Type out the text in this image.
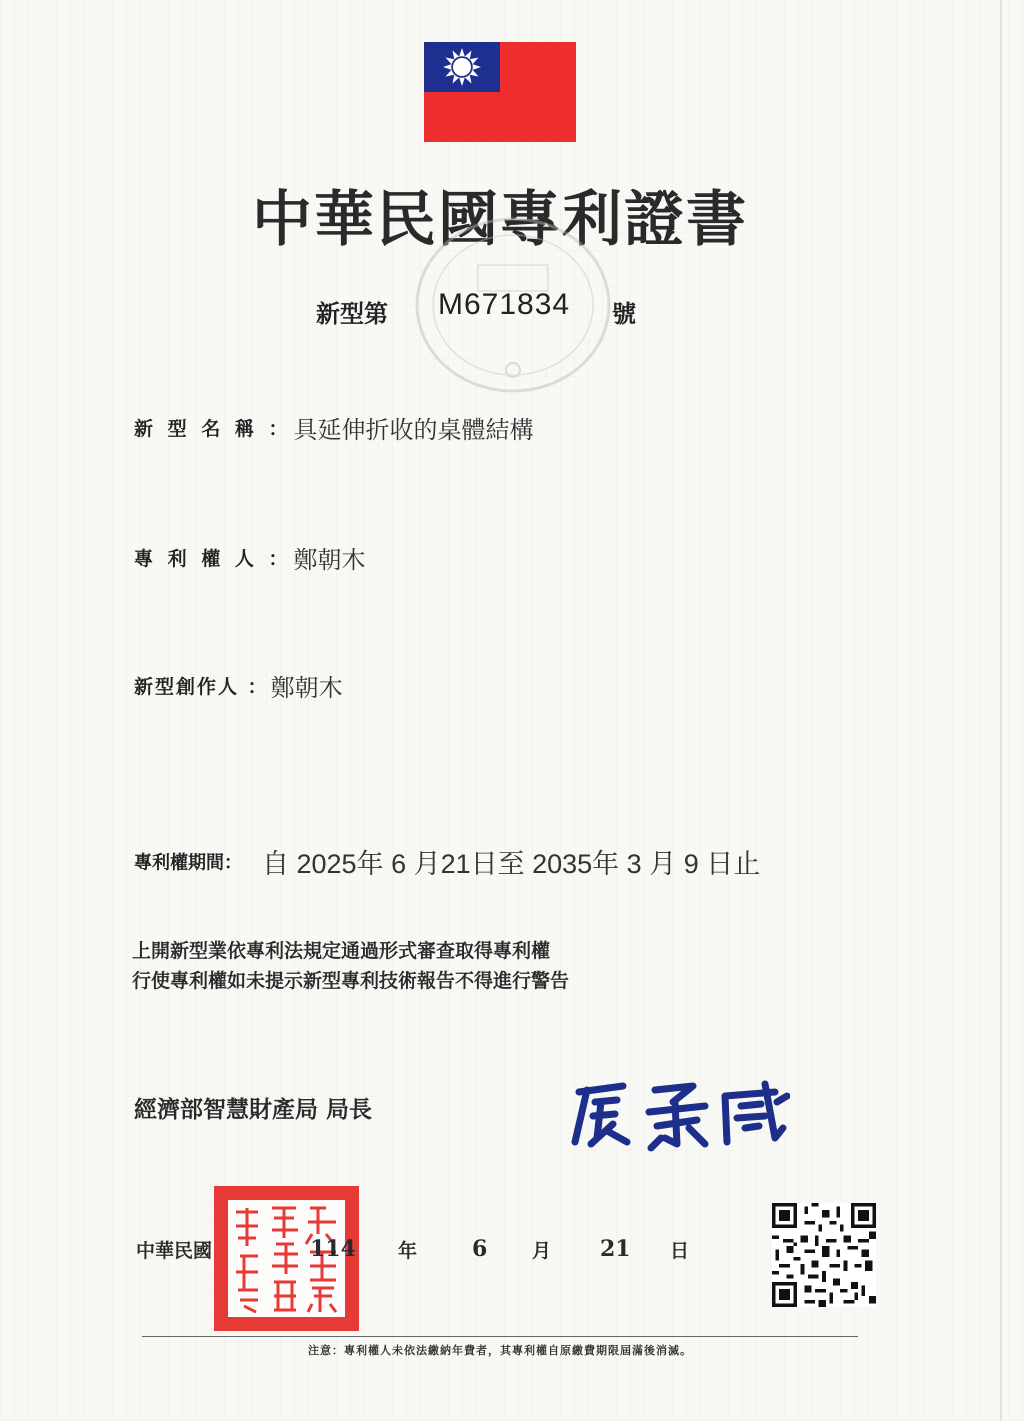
中華民國專利證書
新型第 M671834 號
新 型 名 稱 ：具延伸折收的桌體結構
專 利 權 人 ：鄭朝木
新型創作人 ：鄭朝木
專利權期間： 自 2025年 6 月21日至 2035年 3 月 9 日止
上開新型業依專利法規定通過形式審查取得專利權
行使專利權如未提示新型專利技術報告不得進行警告
經濟部智慧財產局 局長
中華民國	114 年 6 月 21 日
注意：專利權人未依法繳納年費者，其專利權自原繳費期限屆滿後消滅。
